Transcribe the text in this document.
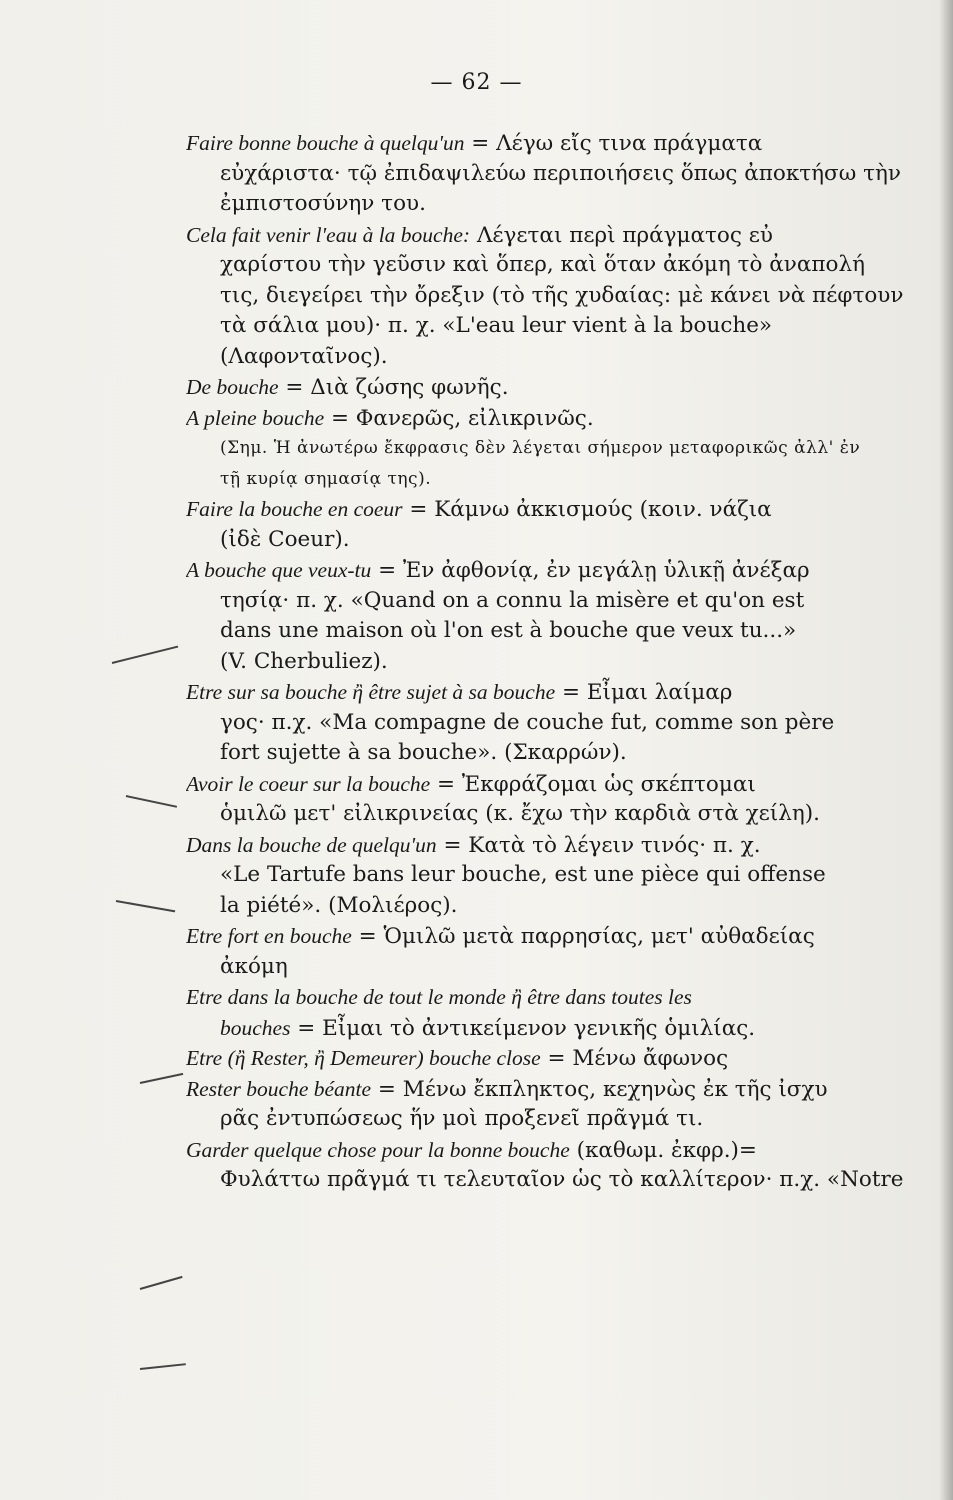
— 62 —
Faire bonne bouche à quelqu'un = Λέγω εἴς τινα πράγματα
εὐχάριστα· τῷ ἐπιδαψιλεύω περιποιήσεις ὅπως ἀποκτήσω τὴν
ἐμπιστοσύνην του.
Cela fait venir l'eau à la bouche: Λέγεται περὶ πράγματος εὐ
χαρίστου τὴν γεῦσιν καὶ ὅπερ, καὶ ὅταν ἀκόμη τὸ ἀναπολή
τις, διεγείρει τὴν ὄρεξιν (τὸ τῆς χυδαίας: μὲ κάνει νὰ πέφτουν
τὰ σάλια μου)· π. χ. «L'eau leur vient à la bouche»
(Λαφονταῖνος).
De bouche = Διὰ ζώσης φωνῆς.
A pleine bouche = Φανερῶς, εἰλικρινῶς.
(Σημ. Ἡ ἀνωτέρω ἔκφρασις δὲν λέγεται σήμερον μεταφορικῶς ἀλλ' ἐν
τῇ κυρίᾳ σημασίᾳ της).
Faire la bouche en coeur = Κάμνω ἀκκισμούς (κοιν. νάζια
(ἰδὲ Coeur).
A bouche que veux-tu = Ἐν ἀφθονίᾳ, ἐν μεγάλῃ ὑλικῇ ἀνέξαρ
τησίᾳ· π. χ. «Quand on a connu la misère et qu'on est
dans une maison où l'on est à bouche que veux tu...»
(V. Cherbuliez).
Etre sur sa bouche ἢ être sujet à sa bouche = Εἶμαι λαίμαρ
γος· π.χ. «Ma compagne de couche fut, comme son père
fort sujette à sa bouche». (Σκαρρών).
Avoir le coeur sur la bouche = Ἐκφράζομαι ὡς σκέπτομαι
ὁμιλῶ μετ' εἰλικρινείας (κ. ἔχω τὴν καρδιὰ στὰ χείλη).
Dans la bouche de quelqu'un = Κατὰ τὸ λέγειν τινός· π. χ.
«Le Tartufe bans leur bouche, est une pièce qui offense
la piété». (Μολιέρος).
Etre fort en bouche = Ὁμιλῶ μετὰ παρρησίας, μετ' αὐθαδείας
ἀκόμη
Etre dans la bouche de tout le monde ἢ être dans toutes les
bouches = Εἶμαι τὸ ἀντικείμενον γενικῆς ὁμιλίας.
Etre (ἢ Rester, ἢ Demeurer) bouche close = Μένω ἄφωνος
Rester bouche béante = Μένω ἔκπληκτος, κεχηνὼς ἐκ τῆς ἰσχυ
ρᾶς ἐντυπώσεως ἥν μοὶ προξενεῖ πρᾶγμά τι.
Garder quelque chose pour la bonne bouche (καθωμ. ἐκφρ.)=
Φυλάττω πρᾶγμά τι τελευταῖον ὡς τὸ καλλίτερον· π.χ. «Notre
